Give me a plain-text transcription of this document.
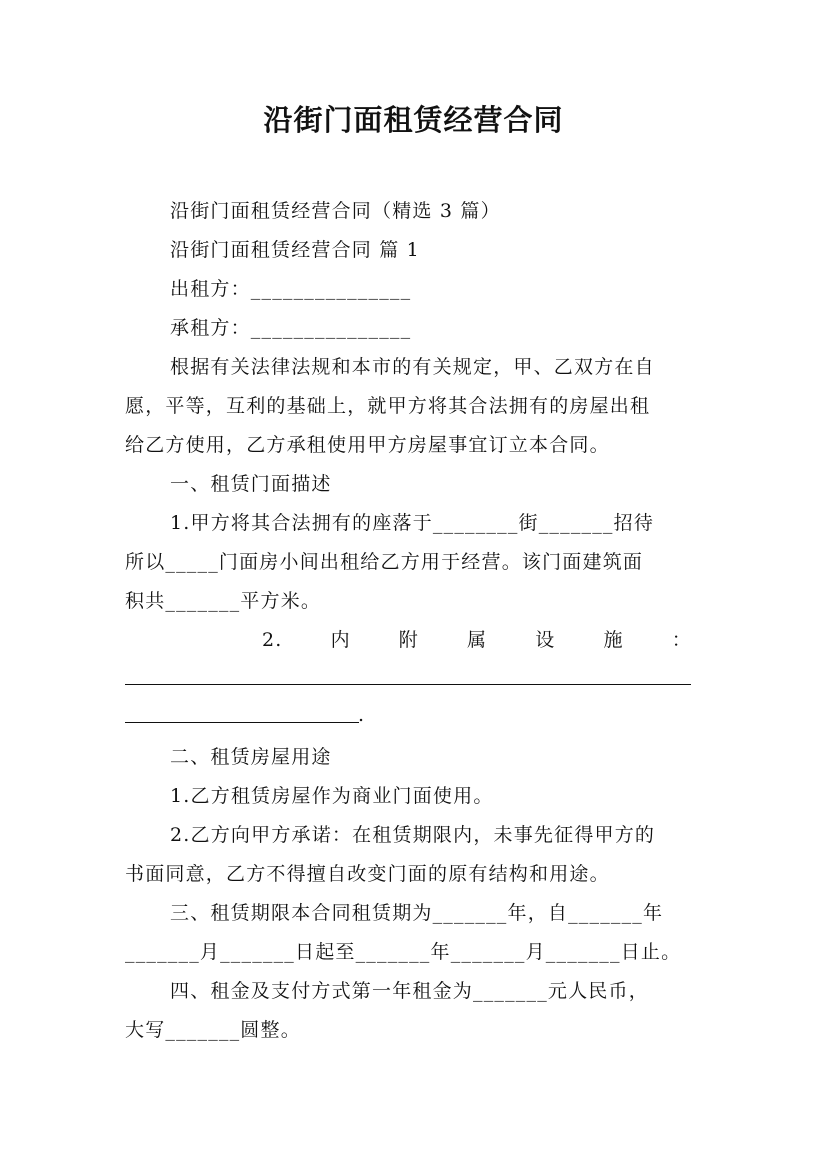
沿街门面租赁经营合同
沿街门面租赁经营合同（精选 3 篇）
沿街门面租赁经营合同 篇 1
出租方：_______________
承租方：_______________
根据有关法律法规和本市的有关规定，甲、乙双方在自
愿，平等，互利的基础上，就甲方将其合法拥有的房屋出租
给乙方使用，乙方承租使用甲方房屋事宜订立本合同。
一、租赁门面描述
1.甲方将其合法拥有的座落于________街_______招待
所以_____门面房小间出租给乙方用于经营。该门面建筑面
积共_______平方米。
2.	内	附	属	设	施	：
.
二、租赁房屋用途
1.乙方租赁房屋作为商业门面使用。
2.乙方向甲方承诺：在租赁期限内，未事先征得甲方的
书面同意，乙方不得擅自改变门面的原有结构和用途。
三、租赁期限本合同租赁期为_______年，自_______年
_______月_______日起至_______年_______月_______日止。
四、租金及支付方式第一年租金为_______元人民币，
大写_______圆整。
